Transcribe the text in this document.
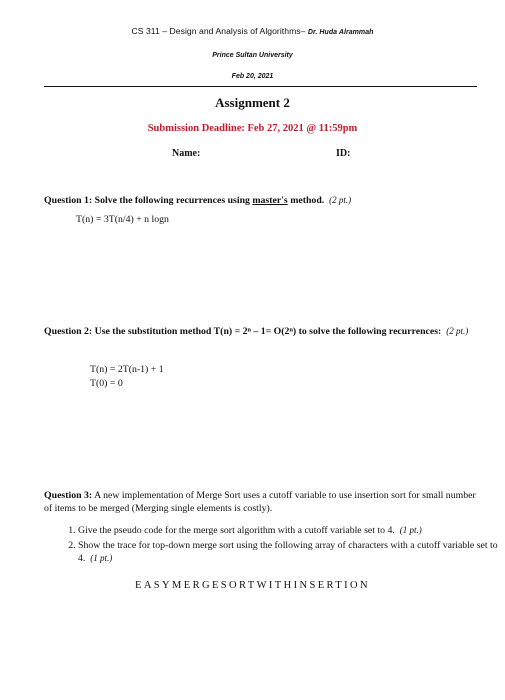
CS 311 – Design and Analysis of Algorithms– Dr. Huda Alrammah
Prince Sultan University
Feb 20, 2021
Assignment 2
Submission Deadline: Feb 27, 2021 @ 11:59pm
Name:	ID:
Question 1: Solve the following recurrences using master's method. (2 pt.)
T(n) = 3T(n/4) + n logn
Question 2: Use the substitution method T(n) = 2ⁿ – 1= O(2ⁿ) to solve the following recurrences: (2 pt.)
T(n) = 2T(n-1) + 1
T(0) = 0
Question 3: A new implementation of Merge Sort uses a cutoff variable to use insertion sort for small number of items to be merged (Merging single elements is costly).
1. Give the pseudo code for the merge sort algorithm with a cutoff variable set to 4. (1 pt.)
2. Show the trace for top-down merge sort using the following array of characters with a cutoff variable set to 4. (1 pt.)
EASYMERGESORTWITHINSERTION
